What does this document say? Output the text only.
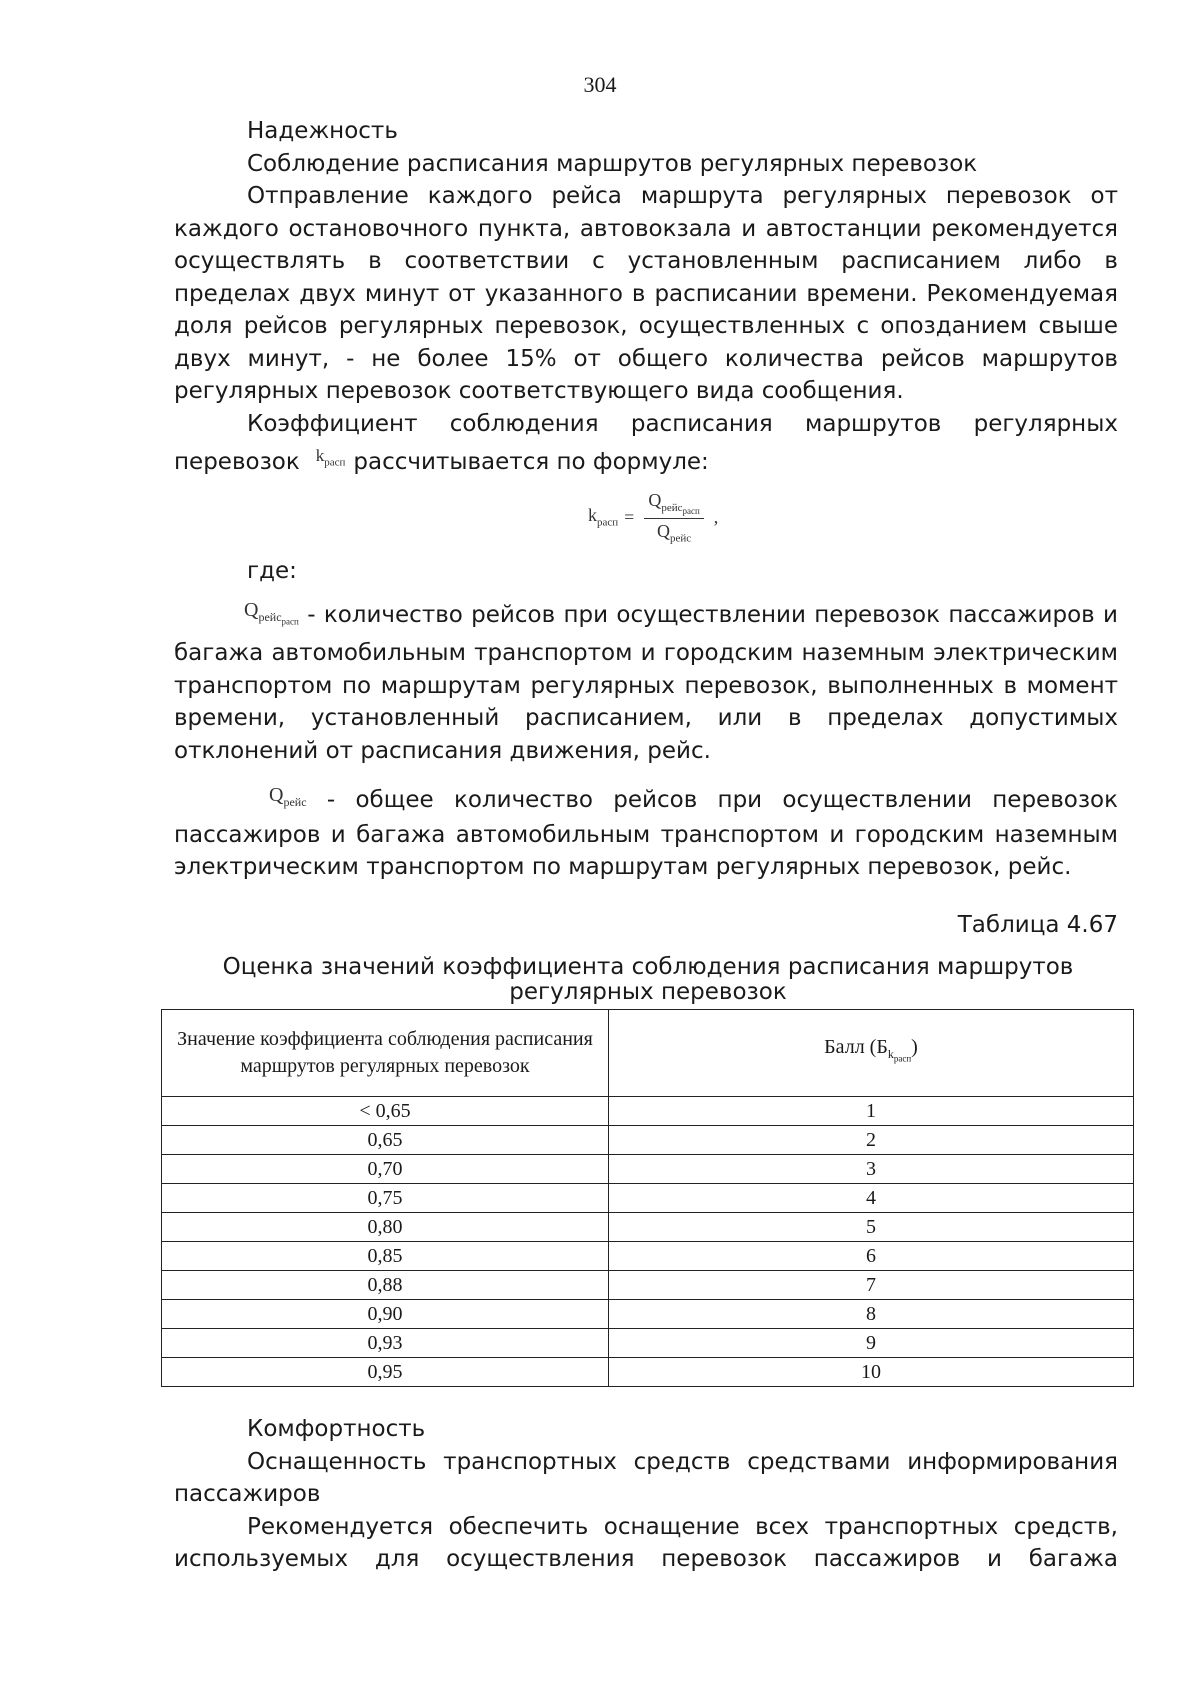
304

Надежность

Соблюдение расписания маршрутов регулярных перевозок

Отправление каждого рейса маршрута регулярных перевозок от каждого остановочного пункта, автовокзала и автостанции рекомендуется осуществлять в соответствии с установленным расписанием либо в пределах двух минут от указанного в расписании времени. Рекомендуемая доля рейсов регулярных перевозок, осуществленных с опозданием свыше двух минут, - не более 15% от общего количества рейсов маршрутов регулярных перевозок соответствующего вида сообщения.

Коэффициент соблюдения расписания маршрутов регулярных

перевозок $^{k_{расп}}$ рассчитывается по формуле:

$k_{расп} = \frac{Q_{рейс_{расп}}}{Q_{рейс}}$ ,

где:

$Q_{рейс_{расп}}$ - количество рейсов при осуществлении перевозок пассажиров и багажа автомобильным транспортом и городским наземным электрическим транспортом по маршрутам регулярных перевозок, выполненных в момент времени, установленный расписанием, или в пределах допустимых отклонений от расписания движения, рейс.

$Q_{рейс}$ - общее количество рейсов при осуществлении перевозок пассажиров и багажа автомобильным транспортом и городским наземным электрическим транспортом по маршрутам регулярных перевозок, рейс.

Таблица 4.67
Оценка значений коэффициента соблюдения расписания маршрутов регулярных перевозок
Значение коэффициента соблюдения расписания маршрутов регулярных перевозок	Балл $(Б_{k_{расп}})$
< 0,65	1
0,65	2
0,70	3
0,75	4
0,80	5
0,85	6
0,88	7
0,90	8
0,93	9
0,95	10

Комфортность

Оснащенность транспортных средств средствами информирования пассажиров

Рекомендуется обеспечить оснащение всех транспортных средств, используемых для осуществления перевозок пассажиров и багажа
